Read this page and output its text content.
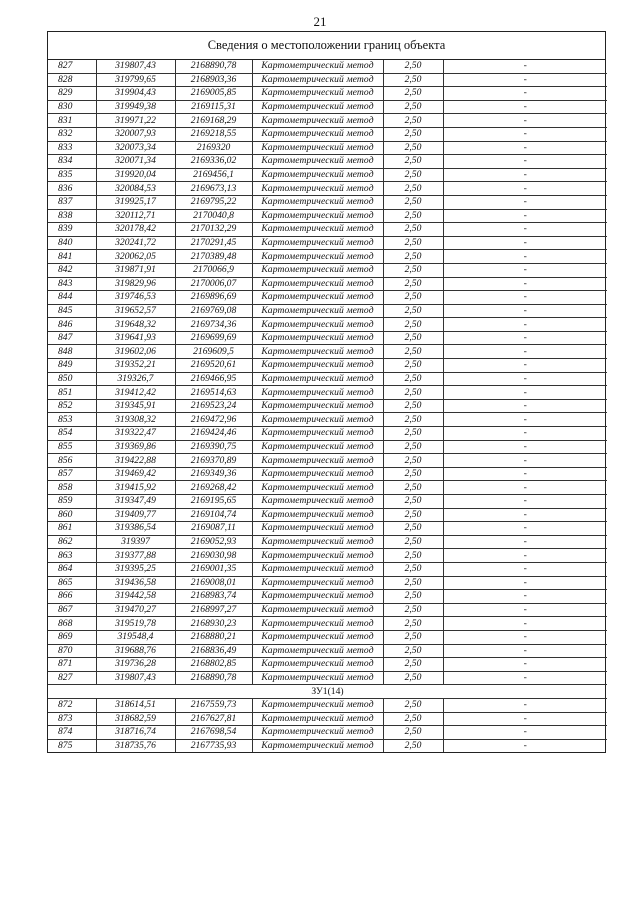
21
Сведения о местоположении границ объекта
827	319807,43	2168890,78	Картометрический метод	2,50	-
828	319799,65	2168903,36	Картометрический метод	2,50	-
829	319904,43	2169005,85	Картометрический метод	2,50	-
830	319949,38	2169115,31	Картометрический метод	2,50	-
831	319971,22	2169168,29	Картометрический метод	2,50	-
832	320007,93	2169218,55	Картометрический метод	2,50	-
833	320073,34	2169320	Картометрический метод	2,50	-
834	320071,34	2169336,02	Картометрический метод	2,50	-
835	319920,04	2169456,1	Картометрический метод	2,50	-
836	320084,53	2169673,13	Картометрический метод	2,50	-
837	319925,17	2169795,22	Картометрический метод	2,50	-
838	320112,71	2170040,8	Картометрический метод	2,50	-
839	320178,42	2170132,29	Картометрический метод	2,50	-
840	320241,72	2170291,45	Картометрический метод	2,50	-
841	320062,05	2170389,48	Картометрический метод	2,50	-
842	319871,91	2170066,9	Картометрический метод	2,50	-
843	319829,96	2170006,07	Картометрический метод	2,50	-
844	319746,53	2169896,69	Картометрический метод	2,50	-
845	319652,57	2169769,08	Картометрический метод	2,50	-
846	319648,32	2169734,36	Картометрический метод	2,50	-
847	319641,93	2169699,69	Картометрический метод	2,50	-
848	319602,06	2169609,5	Картометрический метод	2,50	-
849	319352,21	2169520,61	Картометрический метод	2,50	-
850	319326,7	2169466,95	Картометрический метод	2,50	-
851	319412,42	2169514,63	Картометрический метод	2,50	-
852	319345,91	2169523,24	Картометрический метод	2,50	-
853	319308,32	2169472,96	Картометрический метод	2,50	-
854	319322,47	2169424,46	Картометрический метод	2,50	-
855	319369,86	2169390,75	Картометрический метод	2,50	-
856	319422,88	2169370,89	Картометрический метод	2,50	-
857	319469,42	2169349,36	Картометрический метод	2,50	-
858	319415,92	2169268,42	Картометрический метод	2,50	-
859	319347,49	2169195,65	Картометрический метод	2,50	-
860	319409,77	2169104,74	Картометрический метод	2,50	-
861	319386,54	2169087,11	Картометрический метод	2,50	-
862	319397	2169052,93	Картометрический метод	2,50	-
863	319377,88	2169030,98	Картометрический метод	2,50	-
864	319395,25	2169001,35	Картометрический метод	2,50	-
865	319436,58	2169008,01	Картометрический метод	2,50	-
866	319442,58	2168983,74	Картометрический метод	2,50	-
867	319470,27	2168997,27	Картометрический метод	2,50	-
868	319519,78	2168930,23	Картометрический метод	2,50	-
869	319548,4	2168880,21	Картометрический метод	2,50	-
870	319688,76	2168836,49	Картометрический метод	2,50	-
871	319736,28	2168802,85	Картометрический метод	2,50	-
827	319807,43	2168890,78	Картометрический метод	2,50	-
ЗУ1(14)					
872	318614,51	2167559,73	Картометрический метод	2,50	-
873	318682,59	2167627,81	Картометрический метод	2,50	-
874	318716,74	2167698,54	Картометрический метод	2,50	-
875	318735,76	2167735,93	Картометрический метод	2,50	-
